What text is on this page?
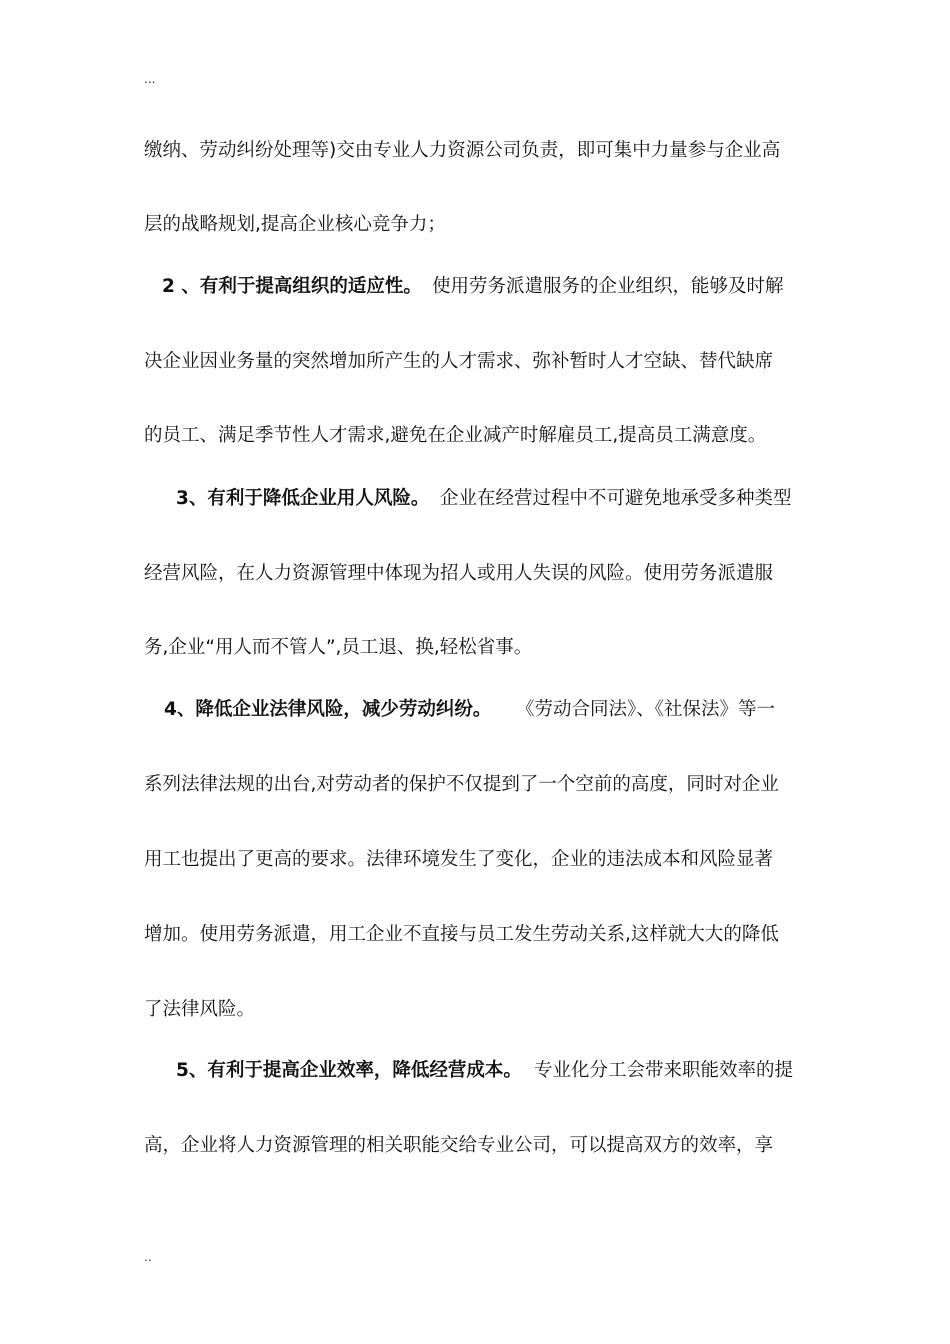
...
缴纳、劳动纠纷处理等)交由专业人力资源公司负责，即可集中力量参与企业高
层的战略规划,提高企业核心竞争力；
2 、有利于提高组织的适应性。 使用劳务派遣服务的企业组织，能够及时解
决企业因业务量的突然增加所产生的人才需求、弥补暂时人才空缺、替代缺席
的员工、满足季节性人才需求,避免在企业减产时解雇员工,提高员工满意度。
3、有利于降低企业用人风险。 企业在经营过程中不可避免地承受多种类型
经营风险，在人力资源管理中体现为招人或用人失误的风险。使用劳务派遣服
务,企业“用人而不管人”,员工退、换,轻松省事。
4、降低企业法律风险，减少劳动纠纷。 《劳动合同法》、《社保法》等一
系列法律法规的出台,对劳动者的保护不仅提到了一个空前的高度，同时对企业
用工也提出了更高的要求。法律环境发生了变化，企业的违法成本和风险显著
增加。使用劳务派遣，用工企业不直接与员工发生劳动关系,这样就大大的降低
了法律风险。
5、有利于提高企业效率，降低经营成本。 专业化分工会带来职能效率的提
高，企业将人力资源管理的相关职能交给专业公司，可以提高双方的效率，享
..
